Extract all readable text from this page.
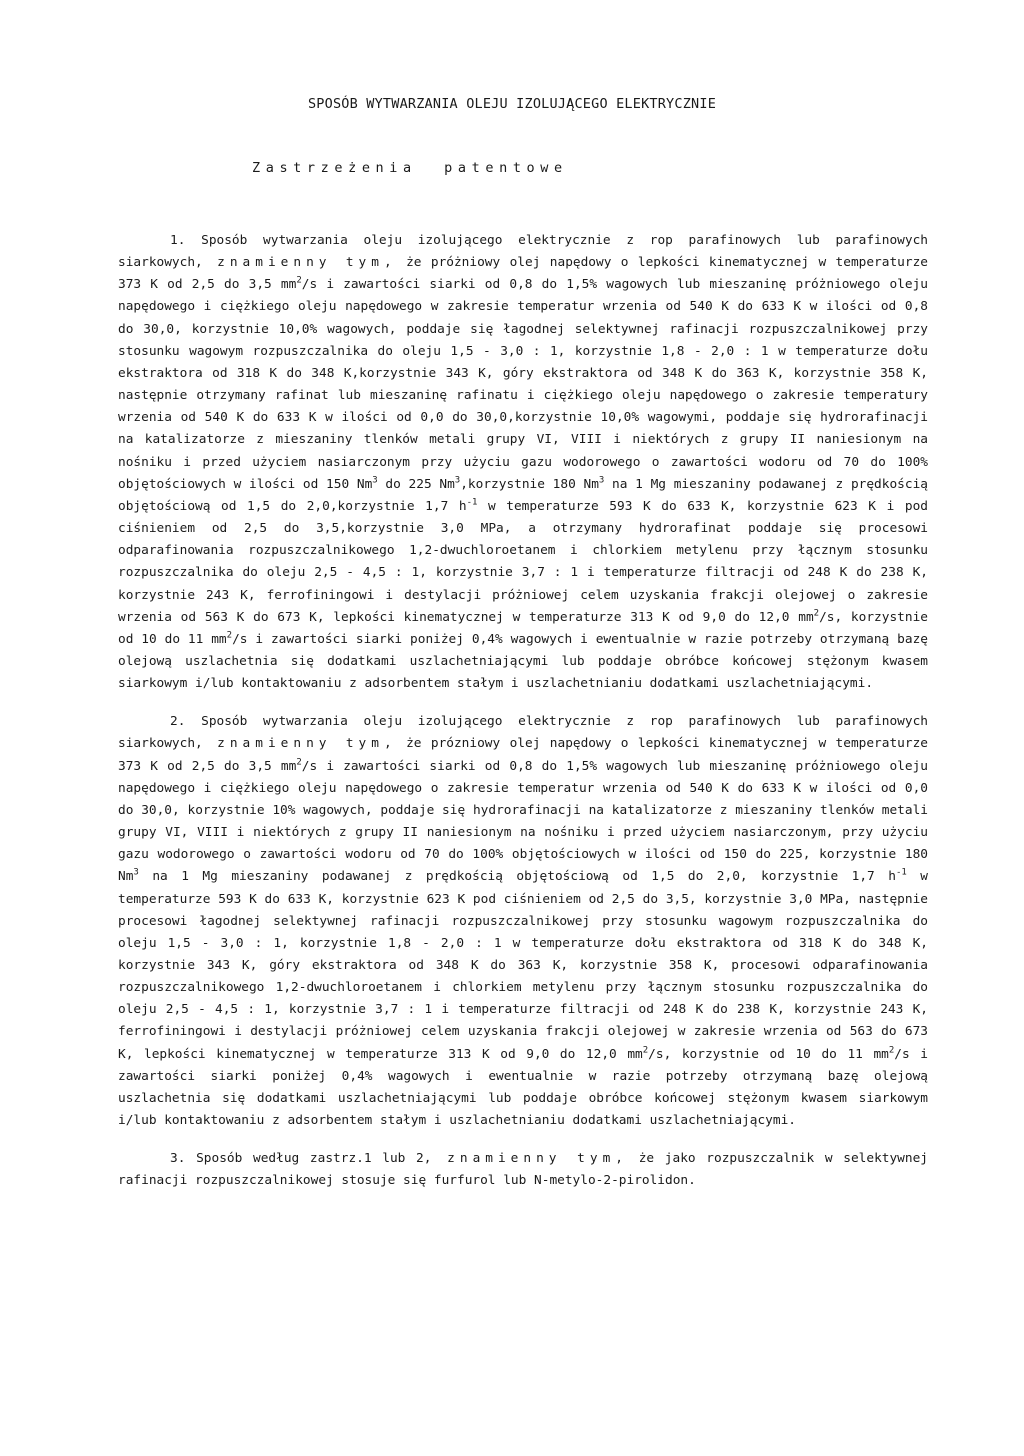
SPOSÓB WYTWARZANIA OLEJU IZOLUJĄCEGO ELEKTRYCZNIE
Zastrzeżenia  patentowe

1. Sposób wytwarzania oleju izolującego elektrycznie z rop parafinowych lub parafinowych siarkowych, znamienny tym, że próżniowy olej napędowy o lepkości kinematycznej w temperaturze 373 K od 2,5 do 3,5 $mm^2/s$ i zawartości siarki od 0,8 do 1,5% wagowych lub mieszaninę próżniowego oleju napędowego i ciężkiego oleju napędowego w zakresie temperatur wrzenia od 540 K do 633 K w ilości od 0,8 do 30,0, korzystnie 10,0% wagowych, poddaje się łagodnej selektywnej rafinacji rozpuszczalnikowej przy stosunku wagowym rozpuszczalnika do oleju 1,5 - 3,0 : 1, korzystnie 1,8 - 2,0 : 1 w temperaturze dołu ekstraktora od 318 K do 348 K,korzystnie 343 K, góry ekstraktora od 348 K do 363 K, korzystnie 358 K, następnie otrzymany rafinat lub mieszaninę rafinatu i ciężkiego oleju napędowego o zakresie temperatury wrzenia od 540 K do 633 K w ilości od 0,0 do 30,0,korzystnie 10,0% wagowymi, poddaje się hydrorafinacji na katalizatorze z mieszaniny tlenków metali grupy VI, VIII i niektórych z grupy II naniesionym na nośniku i przed użyciem nasiarczonym przy użyciu gazu wodorowego o zawartości wodoru od 70 do 100% objętościowych w ilości od 150 Nm$^3$ do 225 Nm$^3$,korzystnie 180 Nm$^3$ na 1 Mg mieszaniny podawanej z prędkością objętościową od 1,5 do 2,0,korzystnie 1,7 $h^{-1}$ w temperaturze 593 K do 633 K, korzystnie 623 K i pod ciśnieniem od 2,5 do 3,5,korzystnie 3,0 MPa, a otrzymany hydrorafinat poddaje się procesowi odparafinowania rozpuszczalnikowego 1,2-dwuchloroetanem i chlorkiem metylenu przy łącznym stosunku rozpuszczalnika do oleju 2,5 - 4,5 : 1, korzystnie 3,7 : 1 i temperaturze filtracji od 248 K do 238 K, korzystnie 243 K, ferrofiningowi i destylacji próżniowej celem uzyskania frakcji olejowej o zakresie wrzenia od 563 K do 673 K, lepkości kinematycznej w temperaturze 313 K od 9,0 do 12,0 $mm^2/s$, korzystnie od 10 do 11 $mm^2/s$ i zawartości siarki poniżej 0,4% wagowych i ewentualnie w razie potrzeby otrzymaną bazę olejową uszlachetnia się dodatkami uszlachetniającymi lub poddaje obróbce końcowej stężonym kwasem siarkowym i/lub kontaktowaniu z adsorbentem stałym i uszlachetnianiu dodatkami uszlachetniającymi.

2. Sposób wytwarzania oleju izolującego elektrycznie z rop parafinowych lub parafinowych siarkowych, znamienny tym, że prózniowy olej napędowy o lepkości kinematycznej w temperaturze 373 K od 2,5 do 3,5 $mm^2/s$ i zawartości siarki od 0,8 do 1,5% wagowych lub mieszaninę próżniowego oleju napędowego i ciężkiego oleju napędowego o zakresie temperatur wrzenia od 540 K do 633 K w ilości od 0,0 do 30,0, korzystnie 10% wagowych, poddaje się hydrorafinacji na katalizatorze z mieszaniny tlenków metali grupy VI, VIII i niektórych z grupy II naniesionym na nośniku i przed użyciem nasiarczonym, przy użyciu gazu wodorowego o zawartości wodoru od 70 do 100% objętościowych w ilości od 150 do 225, korzystnie 180 Nm$^3$ na 1 Mg mieszaniny podawanej z prędkością objętościową od 1,5 do 2,0, korzystnie 1,7 $h^{-1}$ w temperaturze 593 K do 633 K, korzystnie 623 K pod ciśnieniem od 2,5 do 3,5, korzystnie 3,0 MPa, następnie procesowi łagodnej selektywnej rafinacji rozpuszczalnikowej przy stosunku wagowym rozpuszczalnika do oleju 1,5 - 3,0 : 1, korzystnie 1,8 - 2,0 : 1 w temperaturze dołu ekstraktora od 318 K do 348 K, korzystnie 343 K, góry ekstraktora od 348 K do 363 K, korzystnie 358 K, procesowi odparafinowania rozpuszczalnikowego 1,2-dwuchloroetanem i chlorkiem metylenu przy łącznym stosunku rozpuszczalnika do oleju 2,5 - 4,5 : 1, korzystnie 3,7 : 1 i temperaturze filtracji od 248 K do 238 K, korzystnie 243 K, ferrofiningowi i destylacji próżniowej celem uzyskania frakcji olejowej w zakresie wrzenia od 563 do 673 K, lepkości kinematycznej w temperaturze 313 K od 9,0 do 12,0 $mm^2/s$, korzystnie od 10 do 11 $mm^2/s$ i zawartości siarki poniżej 0,4% wagowych i ewentualnie w razie potrzeby otrzymaną bazę olejową uszlachetnia się dodatkami uszlachetniającymi lub poddaje obróbce końcowej stężonym kwasem siarkowym i/lub kontaktowaniu z adsorbentem stałym i uszlachetnianiu dodatkami uszlachetniającymi.

3. Sposób według zastrz.1 lub 2, znamienny tym, że jako rozpuszczalnik w selektywnej rafinacji rozpuszczalnikowej stosuje się furfurol lub N-metylo-2-pirolidon.
